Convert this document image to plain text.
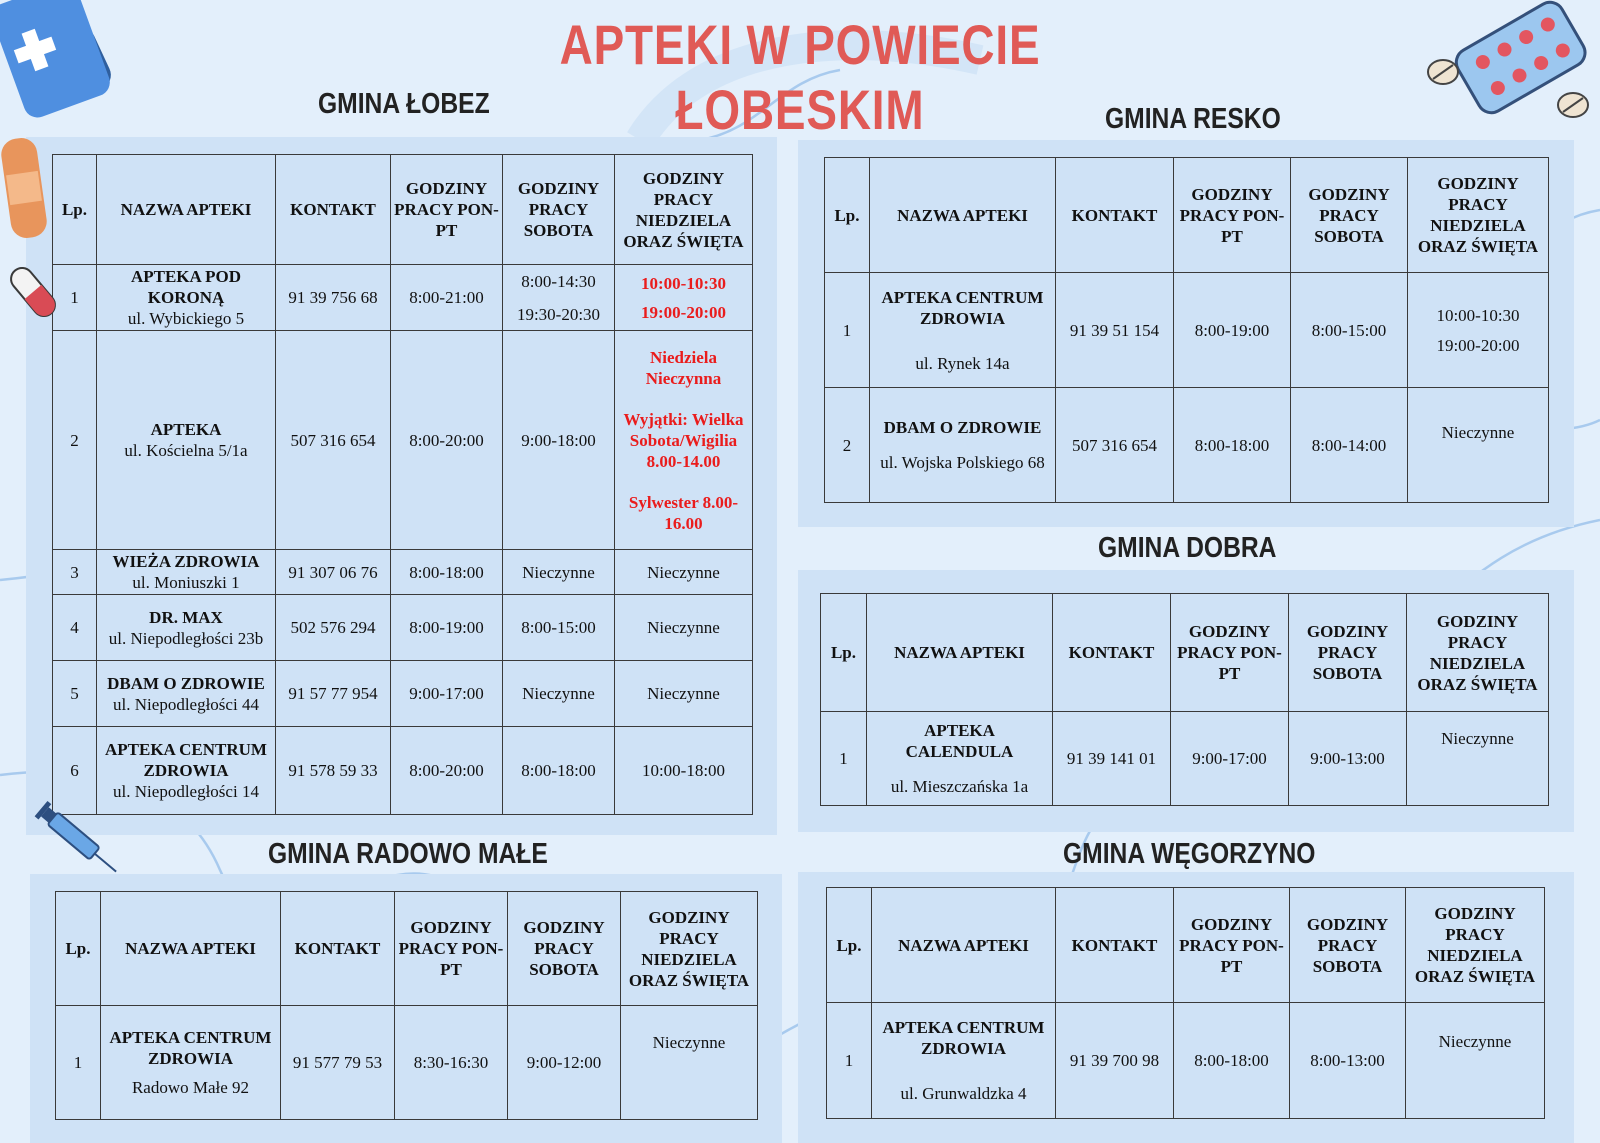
APTEKI W POWIECIE ŁOBESKIM
GMINA ŁOBEZ	GMINA RESKO
GMINA DOBRA
GMINA RADOWO MAŁE	GMINA WĘGORZYNO
Lp.	NAZWA APTEKI	KONTAKT	GODZINY PRACY PON-PT	GODZINY PRACY SOBOTA	GODZINY PRACY NIEDZIELA ORAZ ŚWIĘTA
1	APTEKA POD KORONĄ
ul. Wybickiego 5	91 39 756 68	8:00-21:00	8:00-14:30
19:30-20:30	10:00-10:30
19:00-20:00

2	APTEKA
ul. Kościelna 5/1a	507 316 654	8:00-20:00	9:00-18:00	Niedziela Nieczynna
Wyjątki: Wielka Sobota/Wigilia 8.00-14.00
Sylwester 8.00-16.00

3	WIEŻA ZDROWIA
ul. Moniuszki 1	91 307 06 76	8:00-18:00	Nieczynne	Nieczynne
4	DR. MAX
ul. Niepodległości 23b	502 576 294	8:00-19:00	8:00-15:00	Nieczynne
5	DBAM O ZDROWIE
ul. Niepodległości 44	91 57 77 954	9:00-17:00	Nieczynne	Nieczynne
6	APTEKA CENTRUM ZDROWIA
ul. Niepodległości 14	91 578 59 33	8:00-20:00	8:00-18:00	10:00-18:00
Lp.	NAZWA APTEKI	KONTAKT	GODZINY PRACY PON-PT	GODZINY PRACY SOBOTA	GODZINY PRACY NIEDZIELA ORAZ ŚWIĘTA
1	APTEKA CENTRUM ZDROWIA
ul. Rynek 14a	91 39 51 154	8:00-19:00	8:00-15:00	10:00-10:30
19:00-20:00

2	DBAM O ZDROWIE
ul. Wojska Polskiego 68	507 316 654	8:00-18:00	8:00-14:00	Nieczynne
Lp.	NAZWA APTEKI	KONTAKT	GODZINY PRACY PON-PT	GODZINY PRACY SOBOTA	GODZINY PRACY NIEDZIELA ORAZ ŚWIĘTA
1	APTEKA CALENDULA
ul. Mieszczańska 1a	91 39 141 01	9:00-17:00	9:00-13:00	Nieczynne
Lp.	NAZWA APTEKI	KONTAKT	GODZINY PRACY PON-PT	GODZINY PRACY SOBOTA	GODZINY PRACY NIEDZIELA ORAZ ŚWIĘTA
1	APTEKA CENTRUM ZDROWIA
Radowo Małe 92	91 577 79 53	8:30-16:30	9:00-12:00	Nieczynne
Lp.	NAZWA APTEKI	KONTAKT	GODZINY PRACY PON-PT	GODZINY PRACY SOBOTA	GODZINY PRACY NIEDZIELA ORAZ ŚWIĘTA
1	APTEKA CENTRUM ZDROWIA
ul. Grunwaldzka 4	91 39 700 98	8:00-18:00	8:00-13:00	Nieczynne
